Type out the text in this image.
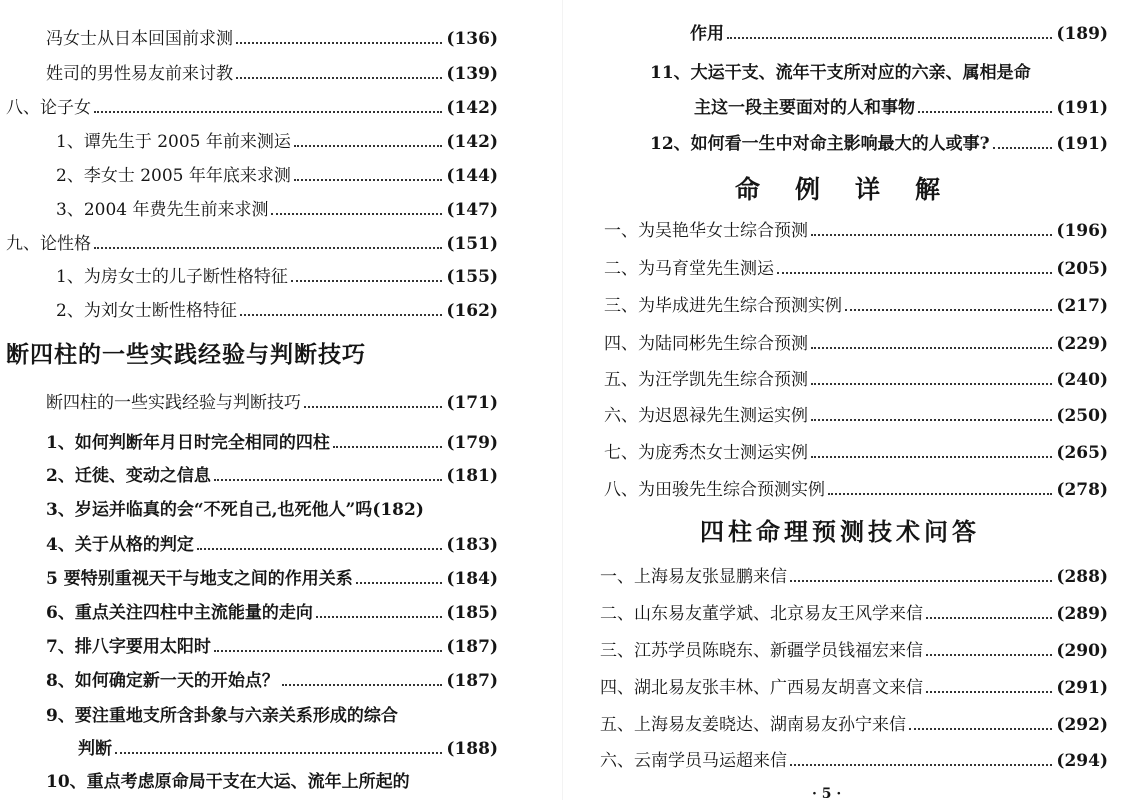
冯女士从日本回国前求测	(136)
姓司的男性易友前来讨教	(139)
八、论子女	(142)
1、谭先生于 2005 年前来测运	(142)
2、李女士 2005 年年底来求测	(144)
3、2004 年费先生前来求测	(147)
九、论性格	(151)
1、为房女士的儿子断性格特征	(155)
2、为刘女士断性格特征	(162)
断四柱的一些实践经验与判断技巧
断四柱的一些实践经验与判断技巧	(171)
1、如何判断年月日时完全相同的四柱	(179)
2、迁徙、变动之信息	(181)
3、岁运并临真的会“不死自己,也死他人”吗 (182)
4、关于从格的判定	(183)
5 要特别重视天干与地支之间的作用关系	(184)
6、重点关注四柱中主流能量的走向	(185)
7、排八字要用太阳时	(187)
8、如何确定新一天的开始点？	(187)
9、要注重地支所含卦象与六亲关系形成的综合
判断	(188)
10、重点考虑原命局干支在大运、流年上所起的
作用	(189)
11、大运干支、流年干支所对应的六亲、属相是命
主这一段主要面对的人和事物	(191)
12、如何看一生中对命主影响最大的人或事?	(191)
命例详解
一、为吴艳华女士综合预测	(196)
二、为马育堂先生测运	(205)
三、为毕成进先生综合预测实例	(217)
四、为陆同彬先生综合预测	(229)
五、为汪学凯先生综合预测	(240)
六、为迟恩禄先生测运实例	(250)
七、为庞秀杰女士测运实例	(265)
八、为田骏先生综合预测实例	(278)
四柱命理预测技术问答
一、上海易友张显鹏来信	(288)
二、山东易友董学斌、北京易友王风学来信	(289)
三、江苏学员陈晓东、新疆学员钱福宏来信	(290)
四、湖北易友张丰林、广西易友胡喜文来信	(291)
五、上海易友姜晓达、湖南易友孙宁来信	(292)
六、云南学员马运超来信	(294)
· 5 ·
